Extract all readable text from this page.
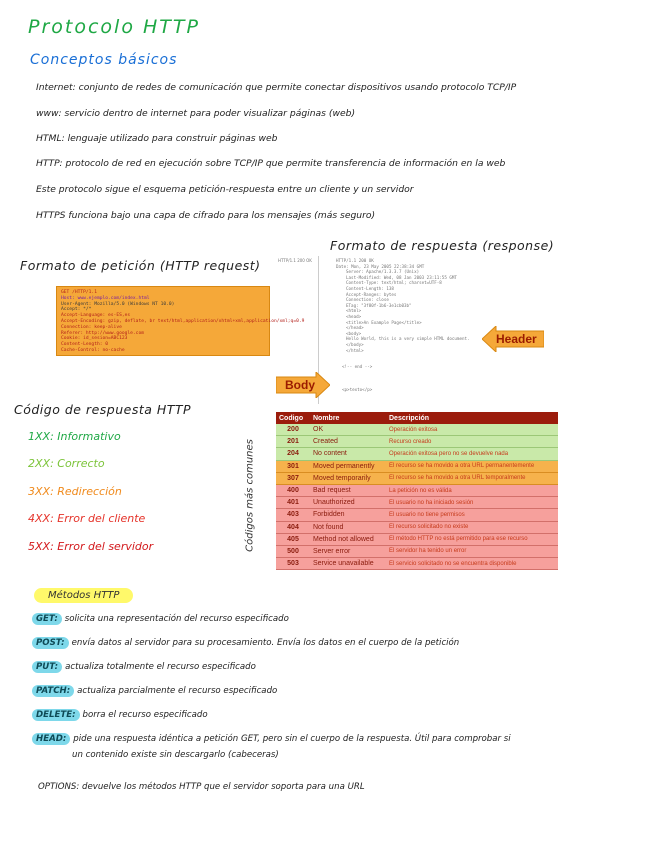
Protocolo HTTP
Conceptos básicos
Internet: conjunto de redes de comunicación que permite conectar dispositivos usando protocolo TCP/IP
www: servicio dentro de internet para poder visualizar páginas (web)
HTML: lenguaje utilizado para construir páginas web
HTTP: protocolo de red en ejecución sobre TCP/IP que permite transferencia de información en la web
Este protocolo sigue el esquema petición-respuesta entre un cliente y un servidor
HTTPS funciona bajo una capa de cifrado para los mensajes (más seguro)
Formato de petición (HTTP request)
GET /HTTP/1.1
Host: www.ejemplo.com/index.html
User-Agent: Mozilla/5.0 (Windows NT 10.0)
Accept: */*
Accept-Language: es-ES,es
Accept-Encoding: gzip, deflate, br text/html,application/xhtml+xml,application/xml;q=0.9
Connection: keep-alive
Referer: http://www.google.com
Cookie: id_sesion=ABC123
Content-Length: 0
Cache-Control: no-cache
Formato de respuesta (response)
HTTP/1.1 200 OK	HTTP/1.1 200 OK
Date: Mon, 23 May 2005 22:38:34 GMT
Server: Apache/1.3.3.7 (Unix)
Last-Modified: Wed, 08 Jan 2003 23:11:55 GMT
Content-Type: text/html; charset=UTF-8
Content-Length: 138
Accept-Ranges: bytes
Connection: close
ETag: "3f80f-1b6-3e1cb03b"
<html>
<head>
<title>An Example Page</title>
</head>
<body>
Hello World, this is a very simple HTML document.
</body>
</html>
<!-- end -->
<p>texto</p>
Header
Body
Código de respuesta HTTP
1XX: Informativo
2XX: Correcto
3XX: Redirección
4XX: Error del cliente
5XX: Error del servidor	Códigos más comunes
Codigo	Nombre	Descripción
200	OK	Operación exitosa
201	Created	Recurso creado
204	No content	Operación exitosa pero no se devuelve nada
301	Moved permanently	El recurso se ha movido a otra URL permanentemente
307	Moved temporarily	El recurso se ha movido a otra URL temporalmente
400	Bad request	La petición no es válida
401	Unauthorized	El usuario no ha iniciado sesión
403	Forbidden	El usuario no tiene permisos
404	Not found	El recurso solicitado no existe
405	Method not allowed	El método HTTP no está permitido para ese recurso
500	Server error	El servidor ha tenido un error
503	Service unavailable	El servicio solicitado no se encuentra disponible
Métodos HTTP
GET: solicita una representación del recurso especificado
POST: envía datos al servidor para su procesamiento. Envía los datos en el cuerpo de la petición
PUT: actualiza totalmente el recurso especificado
PATCH: actualiza parcialmente el recurso especificado
DELETE: borra el recurso especificado
HEAD: pide una respuesta idéntica a petición GET, pero sin el cuerpo de la respuesta. Útil para comprobar si
un contenido existe sin descargarlo (cabeceras)
OPTIONS: devuelve los métodos HTTP que el servidor soporta para una URL
